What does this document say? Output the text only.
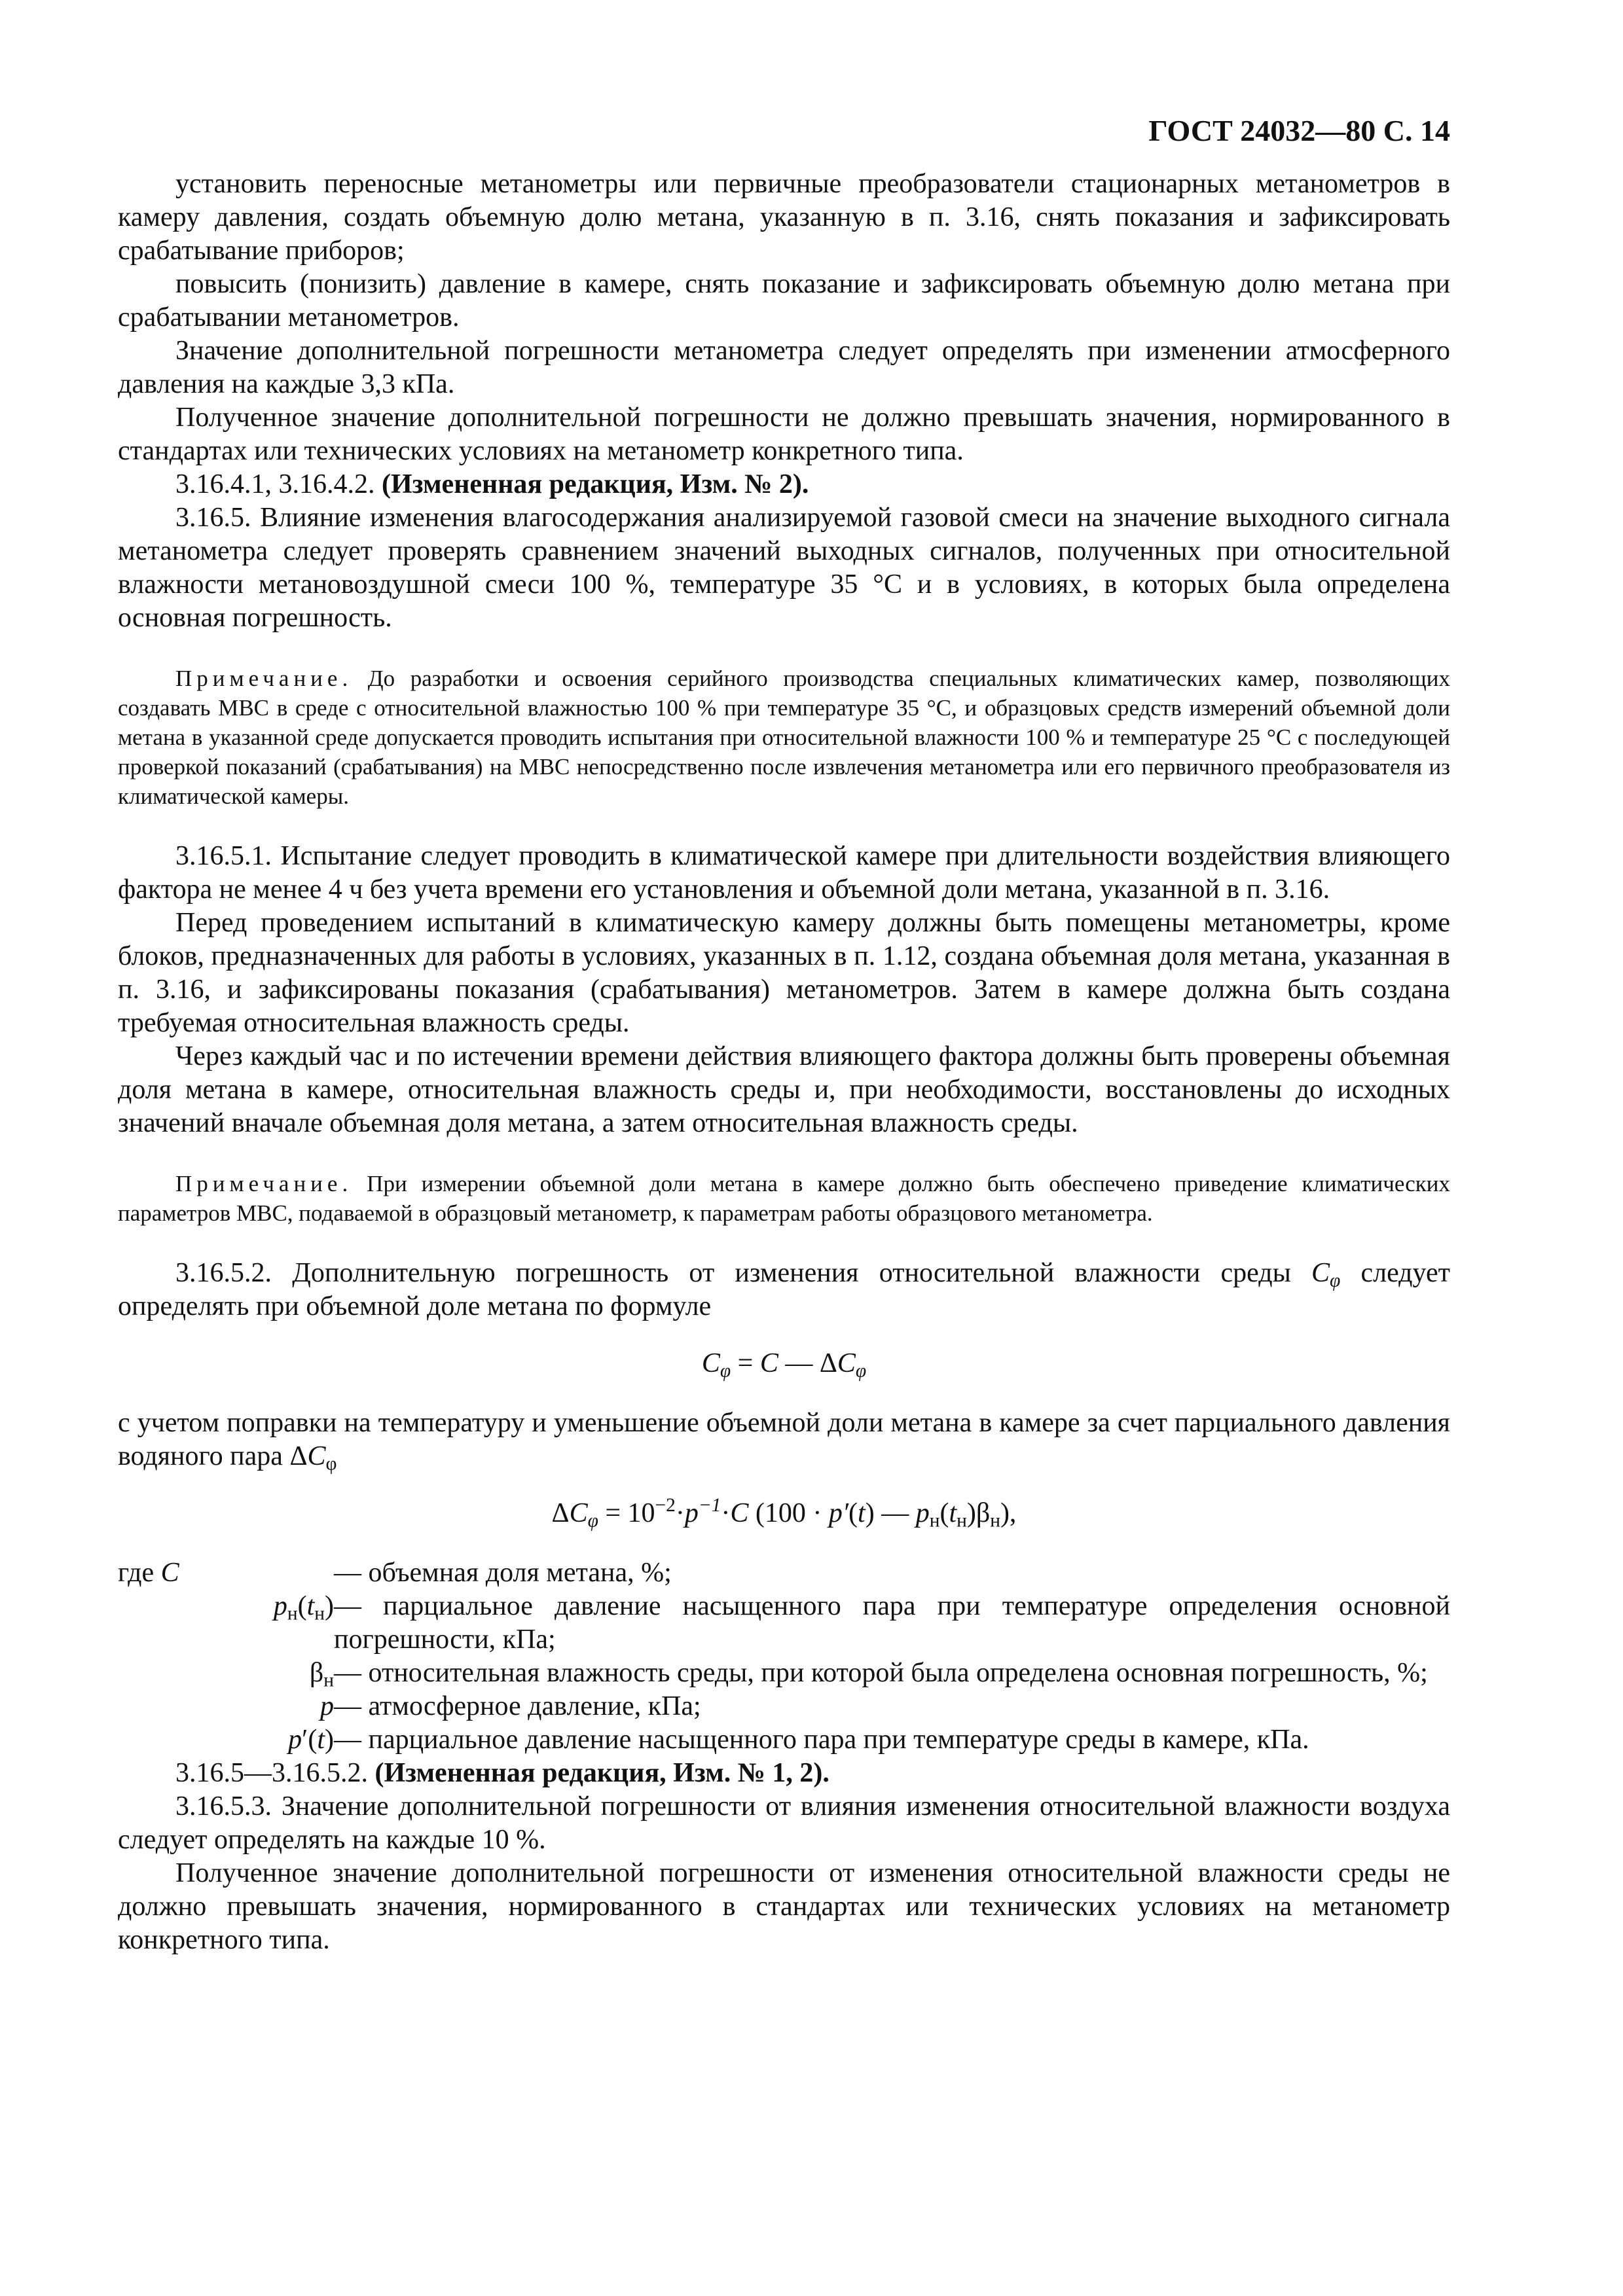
ГОСТ 24032—80 С. 14

установить переносные метанометры или первичные преобразователи стационарных метанометров в камеру давления, создать объемную долю метана, указанную в п. 3.16, снять показания и зафиксировать срабатывание приборов;

повысить (понизить) давление в камере, снять показание и зафиксировать объемную долю метана при срабатывании метанометров.

Значение дополнительной погрешности метанометра следует определять при изменении атмосферного давления на каждые 3,3 кПа.

Полученное значение дополнительной погрешности не должно превышать значения, нормированного в стандартах или технических условиях на метанометр конкретного типа.

3.16.4.1, 3.16.4.2. (Измененная редакция, Изм. № 2).

3.16.5. Влияние изменения влагосодержания анализируемой газовой смеси на значение выходного сигнала метанометра следует проверять сравнением значений выходных сигналов, полученных при относительной влажности метановоздушной смеси 100 %, температуре 35 °С и в условиях, в которых была определена основная погрешность.

Примечание. До разработки и освоения серийного производства специальных климатических камер, позволяющих создавать МВС в среде с относительной влажностью 100 % при температуре 35 °С, и образцовых средств измерений объемной доли метана в указанной среде допускается проводить испытания при относительной влажности 100 % и температуре 25 °С с последующей проверкой показаний (срабатывания) на МВС непосредственно после извлечения метанометра или его первичного преобразователя из климатической камеры.

3.16.5.1. Испытание следует проводить в климатической камере при длительности воздействия влияющего фактора не менее 4 ч без учета времени его установления и объемной доли метана, указанной в п. 3.16.

Перед проведением испытаний в климатическую камеру должны быть помещены метанометры, кроме блоков, предназначенных для работы в условиях, указанных в п. 1.12, создана объемная доля метана, указанная в п. 3.16, и зафиксированы показания (срабатывания) метанометров. Затем в камере должна быть создана требуемая относительная влажность среды.

Через каждый час и по истечении времени действия влияющего фактора должны быть проверены объемная доля метана в камере, относительная влажность среды и, при необходимости, восстановлены до исходных значений вначале объемная доля метана, а затем относительная влажность среды.

Примечание. При измерении объемной доли метана в камере должно быть обеспечено приведение климатических параметров МВС, подаваемой в образцовый метанометр, к параметрам работы образцового метанометра.

3.16.5.2. Дополнительную погрешность от изменения относительной влажности среды $C_\varphi$ следует определять при объемной доле метана по формуле

$C_\varphi = C$ — $\Delta C_\varphi$

с учетом поправки на температуру и уменьшение объемной доли метана в камере за счет парциального давления водяного пара $\Delta C_\varphi$

$\Delta C_\varphi = 10^{-2}\cdot p^{-1}\cdot C$ (100 · p′(t) — $p_н(t_н)\beta_н$),
где C	— объемная доля метана, %;
$p_н(t_н)$ — парциальное давление насыщенного пара при температуре определения основной погрешности, кПа;
$\beta_н$ — относительная влажность среды, при которой была определена основная погрешность, %;
p — атмосферное давление, кПа;
p′(t) — парциальное давление насыщенного пара при температуре среды в камере, кПа.

3.16.5—3.16.5.2. (Измененная редакция, Изм. № 1, 2).

3.16.5.3. Значение дополнительной погрешности от влияния изменения относительной влажности воздуха следует определять на каждые 10 %.

Полученное значение дополнительной погрешности от изменения относительной влажности среды не должно превышать значения, нормированного в стандартах или технических условиях на метанометр конкретного типа.
